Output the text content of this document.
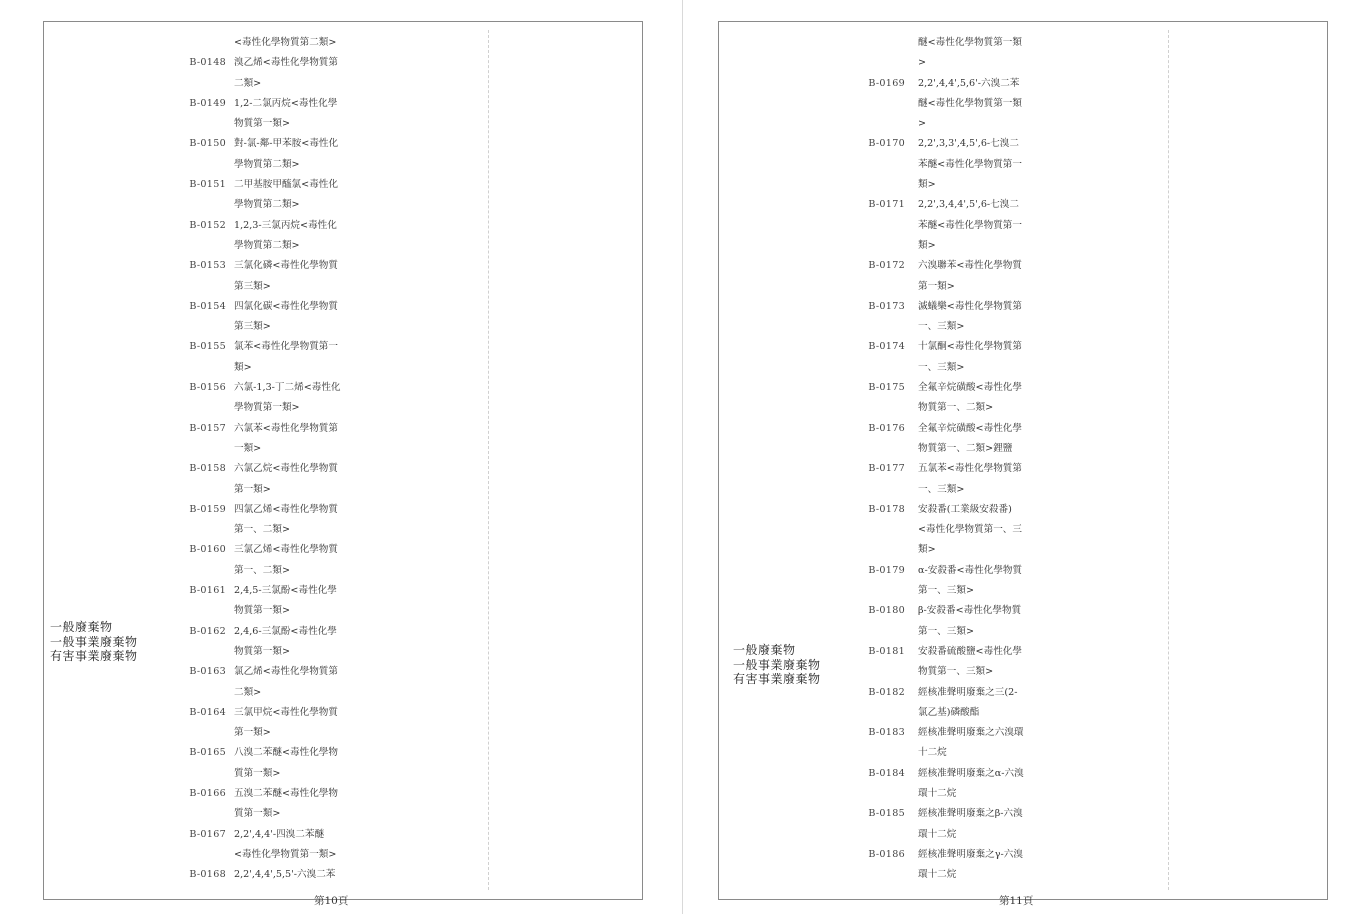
一般廢棄物
一般事業廢棄物
有害事業廢棄物
<毒性化學物質第二類>
B-0148 溴乙烯<毒性化學物質第
二類>
B-0149 1,2-二氯丙烷<毒性化學
物質第一類>
B-0150 對-氯-鄰-甲苯胺<毒性化
學物質第二類>
B-0151 二甲基胺甲醯氯<毒性化
學物質第二類>
B-0152 1,2,3-三氯丙烷<毒性化
學物質第二類>
B-0153 三氯化磷<毒性化學物質
第三類>
B-0154 四氯化碳<毒性化學物質
第三類>
B-0155 氯苯<毒性化學物質第一
類>
B-0156 六氯-1,3-丁二烯<毒性化
學物質第一類>
B-0157 六氯苯<毒性化學物質第
一類>
B-0158 六氯乙烷<毒性化學物質
第一類>
B-0159 四氯乙烯<毒性化學物質
第一、二類>
B-0160 三氯乙烯<毒性化學物質
第一、二類>
B-0161 2,4,5-三氯酚<毒性化學
物質第一類>
B-0162 2,4,6-三氯酚<毒性化學
物質第一類>
B-0163 氯乙烯<毒性化學物質第
二類>
B-0164 三氯甲烷<毒性化學物質
第一類>
B-0165 八溴二苯醚<毒性化學物
質第一類>
B-0166 五溴二苯醚<毒性化學物
質第一類>
B-0167 2,2',4,4'-四溴二苯醚
<毒性化學物質第一類>
B-0168 2,2',4,4',5,5'-六溴二苯
第10頁
一般廢棄物
一般事業廢棄物
有害事業廢棄物
醚<毒性化學物質第一類
>
B-0169 2,2',4,4',5,6'-六溴二苯
醚<毒性化學物質第一類
>
B-0170 2,2',3,3',4,5',6-七溴二
苯醚<毒性化學物質第一
類>
B-0171 2,2',3,4,4',5',6-七溴二
苯醚<毒性化學物質第一
類>
B-0172 六溴聯苯<毒性化學物質
第一類>
B-0173 滅蟻樂<毒性化學物質第
一、三類>
B-0174 十氯酮<毒性化學物質第
一、三類>
B-0175 全氟辛烷磺酸<毒性化學
物質第一、二類>
B-0176 全氟辛烷磺酸<毒性化學
物質第一、二類>鋰鹽
B-0177 五氯苯<毒性化學物質第
一、三類>
B-0178 安殺番(工業級安殺番)
<毒性化學物質第一、三
類>
B-0179 α-安殺番<毒性化學物質
第一、三類>
B-0180 β-安殺番<毒性化學物質
第一、三類>
B-0181 安殺番硫酸鹽<毒性化學
物質第一、三類>
B-0182 經核准聲明廢棄之三(2-
氯乙基)磷酸酯
B-0183 經核准聲明廢棄之六溴環
十二烷
B-0184 經核准聲明廢棄之α-六溴
環十二烷
B-0185 經核准聲明廢棄之β-六溴
環十二烷
B-0186 經核准聲明廢棄之γ-六溴
環十二烷
第11頁
